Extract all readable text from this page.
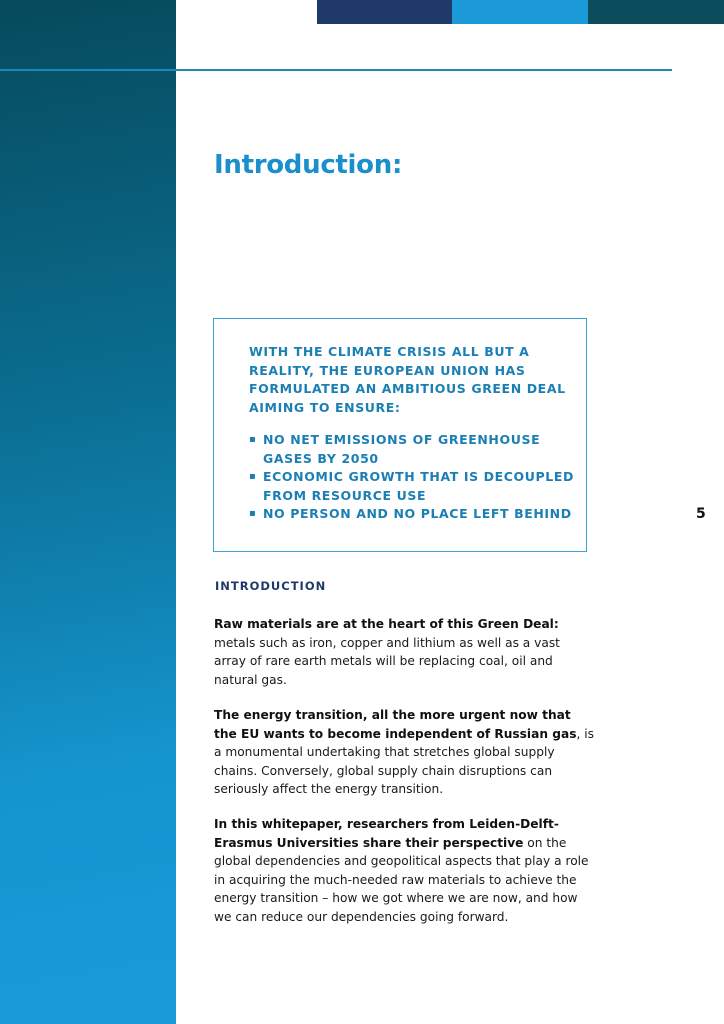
Introduction:
WITH THE CLIMATE CRISIS ALL BUT A REALITY, THE EUROPEAN UNION HAS FORMULATED AN AMBITIOUS GREEN DEAL AIMING TO ENSURE:
▪ NO NET EMISSIONS OF GREENHOUSE GASES BY 2050
▪ ECONOMIC GROWTH THAT IS DECOUPLED FROM RESOURCE USE
▪ NO PERSON AND NO PLACE LEFT BEHIND	5
INTRODUCTION

Raw materials are at the heart of this Green Deal:
metals such as iron, copper and lithium as well as a vast array of rare earth metals will be replacing coal, oil and natural gas.

The energy transition, all the more urgent now that the EU wants to become independent of Russian gas, is a monumental undertaking that stretches global supply chains. Conversely, global supply chain disruptions can seriously affect the energy transition.

In this whitepaper, researchers from Leiden-Delft-Erasmus Universities share their perspective on the global dependencies and geopolitical aspects that play a role in acquiring the much-needed raw materials to achieve the energy transition – how we got where we are now, and how we can reduce our dependencies going forward.
